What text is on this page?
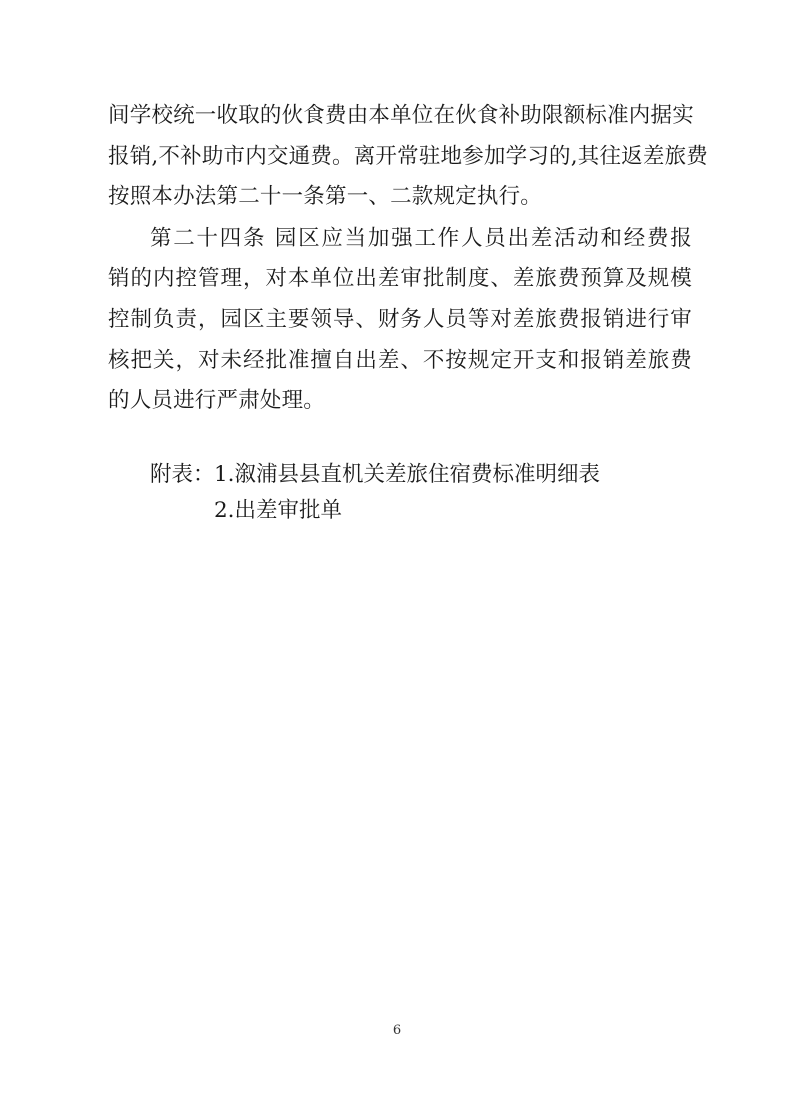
间学校统一收取的伙食费由本单位在伙食补助限额标准内据实
报销,不补助市内交通费。离开常驻地参加学习的,其往返差旅费
按照本办法第二十一条第一、二款规定执行。
第二十四条 园区应当加强工作人员出差活动和经费报
销的内控管理，对本单位出差审批制度、差旅费预算及规模
控制负责，园区主要领导、财务人员等对差旅费报销进行审
核把关，对未经批准擅自出差、不按规定开支和报销差旅费
的人员进行严肃处理。
附表： 1.溆浦县县直机关差旅住宿费标准明细表
2.出差审批单
6
